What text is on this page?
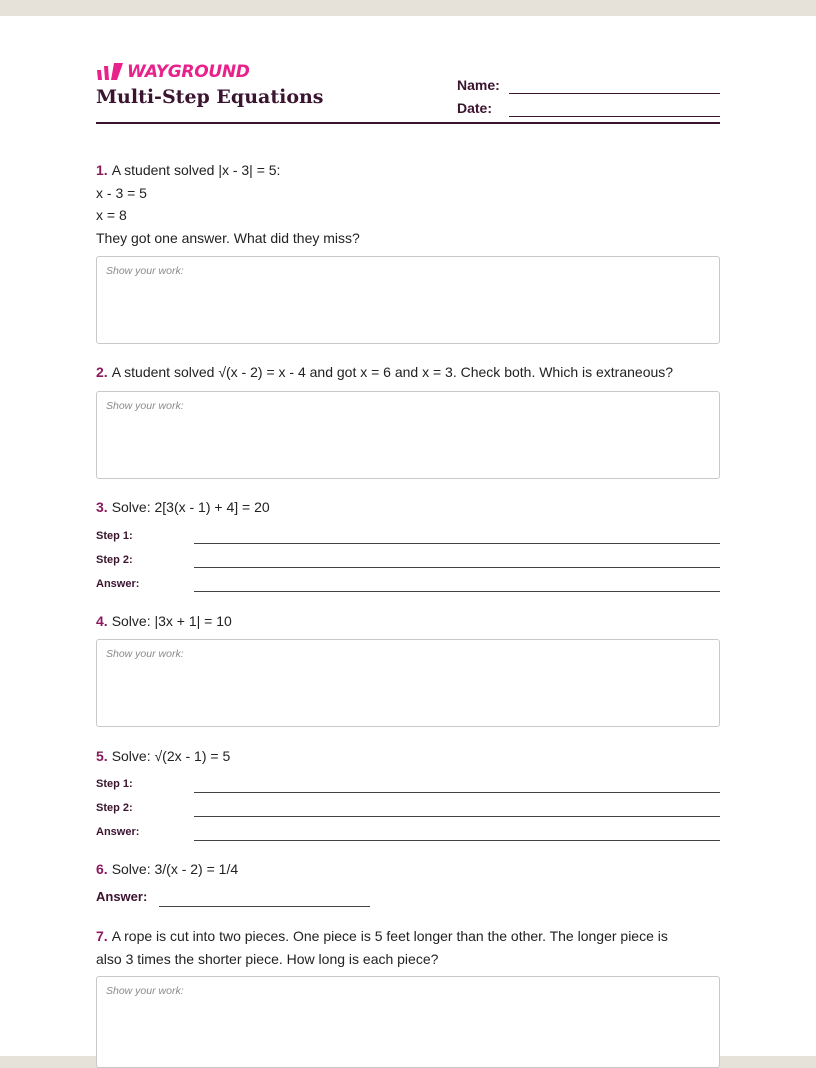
WAYGROUND
Multi-Step Equations
Name:
Date:
1. A student solved |x - 3| = 5:
x - 3 = 5
x = 8
They got one answer. What did they miss?
Show your work:
2. A student solved √(x - 2) = x - 4 and got x = 6 and x = 3. Check both. Which is extraneous?
Show your work:
3. Solve: 2[3(x - 1) + 4] = 20
Step 1:
Step 2:
Answer:
4. Solve: |3x + 1| = 10
Show your work:
5. Solve: √(2x - 1) = 5
Step 1:
Step 2:
Answer:
6. Solve: 3/(x - 2) = 1/4
Answer:
7. A rope is cut into two pieces. One piece is 5 feet longer than the other. The longer piece is
also 3 times the shorter piece. How long is each piece?
Show your work:
